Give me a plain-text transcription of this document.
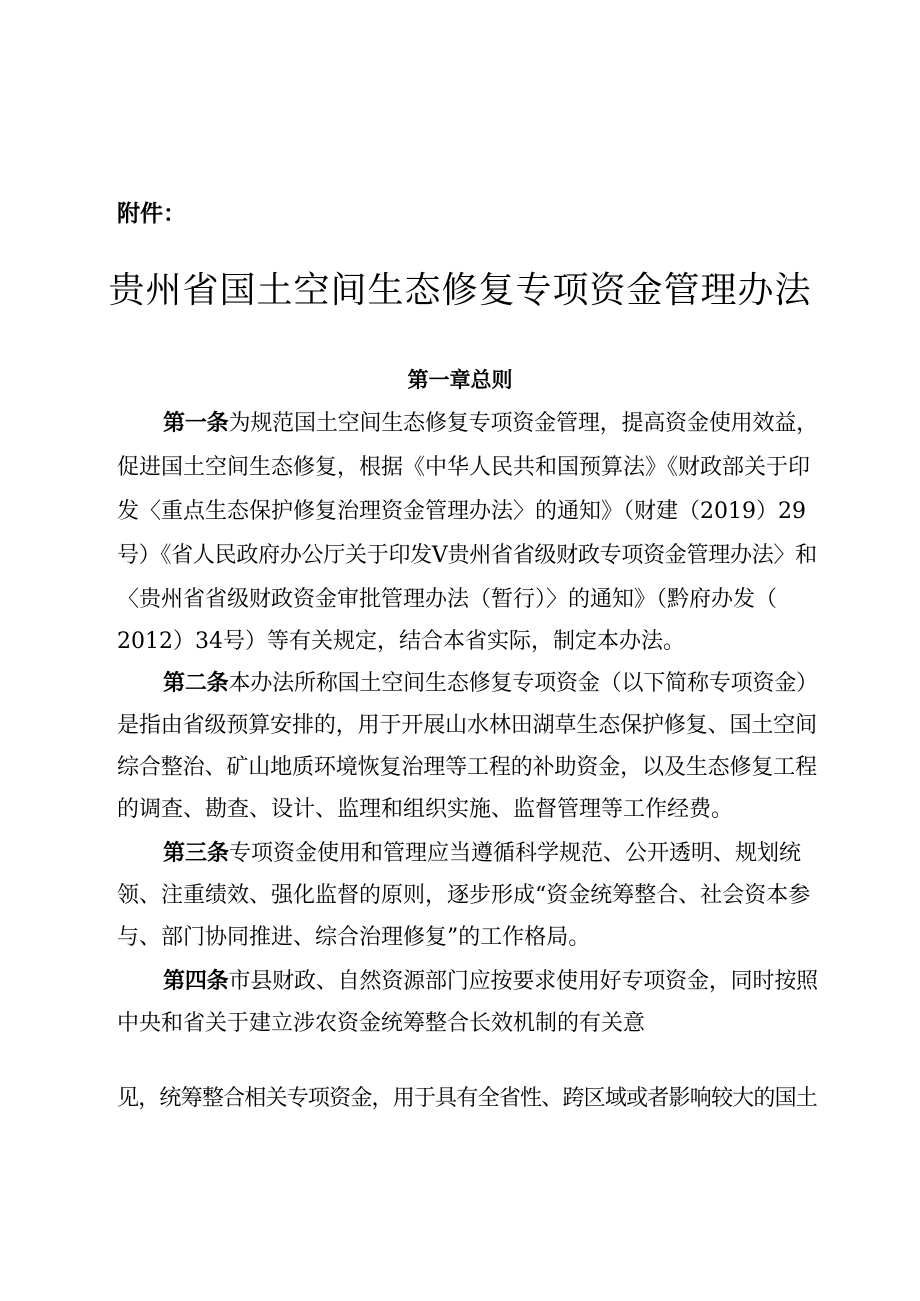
附件：
贵州省国土空间生态修复专项资金管理办法
第一章总则
第一条为规范国土空间生态修复专项资金管理，提高资金使用效益，
促进国土空间生态修复，根据《中华人民共和国预算法》《财政部关于印
发〈重点生态保护修复治理资金管理办法〉的通知》（财建（2019）29
号）《省人民政府办公厅关于印发V贵州省省级财政专项资金管理办法〉和
〈贵州省省级财政资金审批管理办法（暂行）〉的通知》（黔府办发（
2012）34号）等有关规定，结合本省实际，制定本办法。
第二条本办法所称国土空间生态修复专项资金（以下简称专项资金）
是指由省级预算安排的，用于开展山水林田湖草生态保护修复、国土空间
综合整治、矿山地质环境恢复治理等工程的补助资金，以及生态修复工程
的调查、勘查、设计、监理和组织实施、监督管理等工作经费。
第三条专项资金使用和管理应当遵循科学规范、公开透明、规划统
领、注重绩效、强化监督的原则，逐步形成“资金统筹整合、社会资本参
与、部门协同推进、综合治理修复”的工作格局。
第四条市县财政、自然资源部门应按要求使用好专项资金，同时按照
中央和省关于建立涉农资金统筹整合长效机制的有关意
见，统筹整合相关专项资金，用于具有全省性、跨区域或者影响较大的国土
